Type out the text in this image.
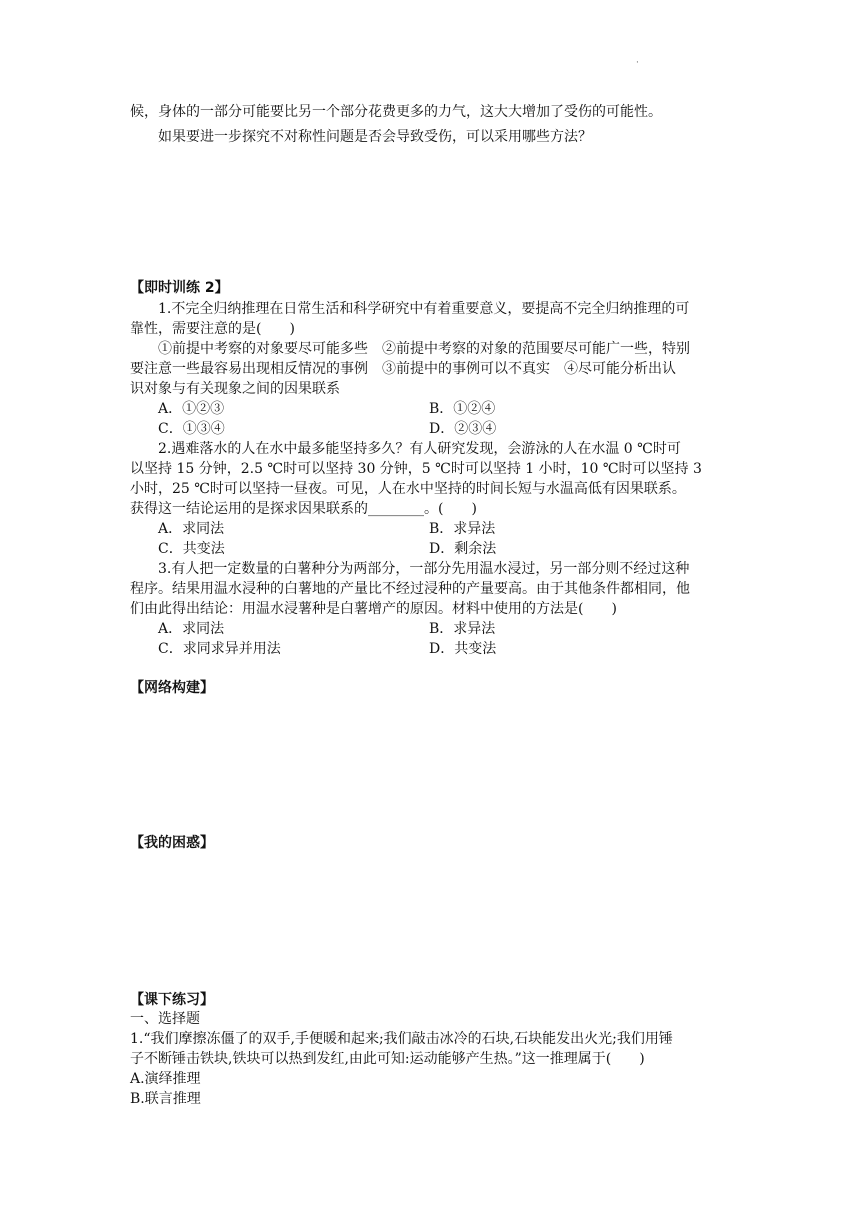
·
候，身体的一部分可能要比另一个部分花费更多的力气，这大大增加了受伤的可能性。
如果要进一步探究不对称性问题是否会导致受伤，可以采用哪些方法？
【即时训练 2】
1.不完全归纳推理在日常生活和科学研究中有着重要意义，要提高不完全归纳推理的可
靠性，需要注意的是(　　)
①前提中考察的对象要尽可能多些　②前提中考察的对象的范围要尽可能广一些，特别
要注意一些最容易出现相反情况的事例　③前提中的事例可以不真实　④尽可能分析出认
识对象与有关现象之间的因果联系
A．①②③	B．①②④
C．①③④	D．②③④
2.遇难落水的人在水中最多能坚持多久？有人研究发现，会游泳的人在水温 0 ℃时可
以坚持 15 分钟，2.5 ℃时可以坚持 30 分钟，5 ℃时可以坚持 1 小时，10 ℃时可以坚持 3
小时，25 ℃时可以坚持一昼夜。可见，人在水中坚持的时间长短与水温高低有因果联系。
获得这一结论运用的是探求因果联系的________。(　　)
A．求同法	B．求异法
C．共变法	D．剩余法
3.有人把一定数量的白薯种分为两部分，一部分先用温水浸过，另一部分则不经过这种
程序。结果用温水浸种的白薯地的产量比不经过浸种的产量要高。由于其他条件都相同，他
们由此得出结论：用温水浸薯种是白薯增产的原因。材料中使用的方法是(　　)
A．求同法	B．求异法
C．求同求异并用法	D．共变法
【网络构建】
【我的困惑】
【课下练习】
一、选择题
1.“我们摩擦冻僵了的双手,手便暖和起来;我们敲击冰冷的石块,石块能发出火光;我们用锤
子不断锤击铁块,铁块可以热到发红,由此可知:运动能够产生热。”这一推理属于(　　)
A.演绎推理
B.联言推理
